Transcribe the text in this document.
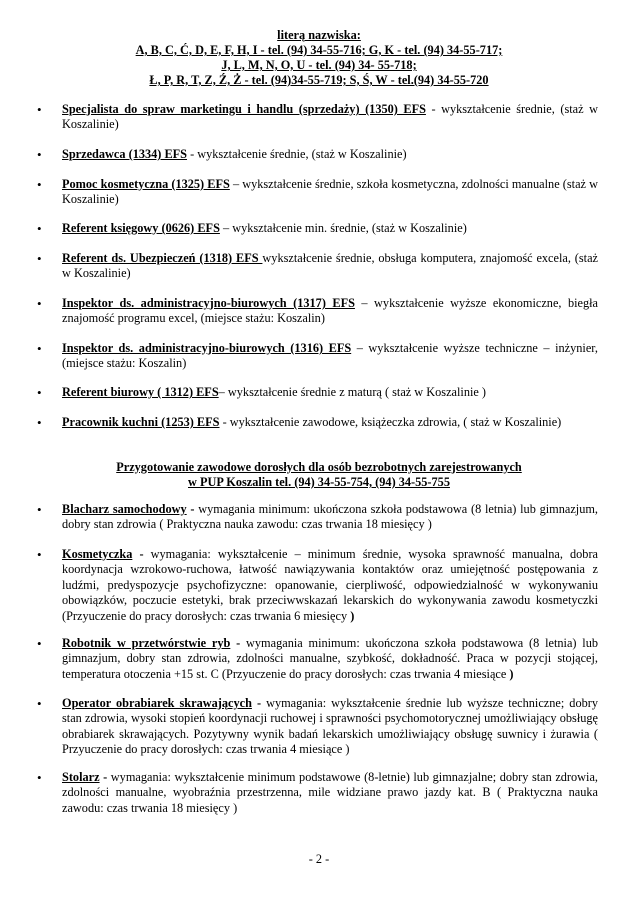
literą nazwiska:
A, B, C, Ć, D, E, F, H, I - tel. (94) 34-55-716; G, K - tel. (94) 34-55-717;
J, L, M, N, O, U - tel. (94) 34- 55-718;
Ł, P, R, T, Z, Ź, Ż - tel. (94)34-55-719; S, Ś, W - tel.(94) 34-55-720
• Specjalista do spraw marketingu i handlu (sprzedaży) (1350) EFS - wykształcenie średnie, (staż w Koszalinie)
• Sprzedawca (1334) EFS - wykształcenie średnie, (staż w Koszalinie)
• Pomoc kosmetyczna (1325) EFS – wykształcenie średnie, szkoła kosmetyczna, zdolności manualne (staż w Koszalinie)
• Referent księgowy (0626) EFS – wykształcenie min. średnie, (staż w Koszalinie)
• Referent ds. Ubezpieczeń (1318) EFS wykształcenie średnie, obsługa komputera, znajomość excela, (staż w Koszalinie)
• Inspektor ds. administracyjno-biurowych (1317) EFS – wykształcenie wyższe ekonomiczne, biegła znajomość programu excel, (miejsce stażu: Koszalin)
• Inspektor ds. administracyjno-biurowych (1316) EFS – wykształcenie wyższe techniczne – inżynier, (miejsce stażu: Koszalin)
• Referent biurowy ( 1312) EFS– wykształcenie średnie z maturą ( staż w Koszalinie )
• Pracownik kuchni (1253) EFS - wykształcenie zawodowe, książeczka zdrowia, ( staż w Koszalinie)
Przygotowanie zawodowe dorosłych dla osób bezrobotnych zarejestrowanych
w PUP Koszalin tel. (94) 34-55-754, (94) 34-55-755
• Blacharz samochodowy - wymagania minimum: ukończona szkoła podstawowa (8 letnia) lub gimnazjum, dobry stan zdrowia ( Praktyczna nauka zawodu: czas trwania 18 miesięcy )
• Kosmetyczka - wymagania: wykształcenie – minimum średnie, wysoka sprawność manualna, dobra koordynacja wzrokowo-ruchowa, łatwość nawiązywania kontaktów oraz umiejętność postępowania z ludźmi, predyspozycje psychofizyczne: opanowanie, cierpliwość, odpowiedzialność w wykonywaniu obowiązków, poczucie estetyki, brak przeciwwskazań lekarskich do wykonywania zawodu kosmetyczki (Przyuczenie do pracy dorosłych: czas trwania 6 miesięcy )
• Robotnik w przetwórstwie ryb - wymagania minimum: ukończona szkoła podstawowa (8 letnia) lub gimnazjum, dobry stan zdrowia, zdolności manualne, szybkość, dokładność. Praca w pozycji stojącej, temperatura otoczenia +15 st. C (Przyuczenie do pracy dorosłych: czas trwania 4 miesiące )
• Operator obrabiarek skrawających - wymagania: wykształcenie średnie lub wyższe techniczne; dobry stan zdrowia, wysoki stopień koordynacji ruchowej i sprawności psychomotorycznej umożliwiający obsługę obrabiarek skrawających. Pozytywny wynik badań lekarskich umożliwiający obsługę suwnicy i żurawia ( Przyuczenie do pracy dorosłych: czas trwania 4 miesiące )
• Stolarz - wymagania: wykształcenie minimum podstawowe (8-letnie) lub gimnazjalne; dobry stan zdrowia, zdolności manualne, wyobraźnia przestrzenna, mile widziane prawo jazdy kat. B ( Praktyczna nauka zawodu: czas trwania 18 miesięcy )
- 2 -
